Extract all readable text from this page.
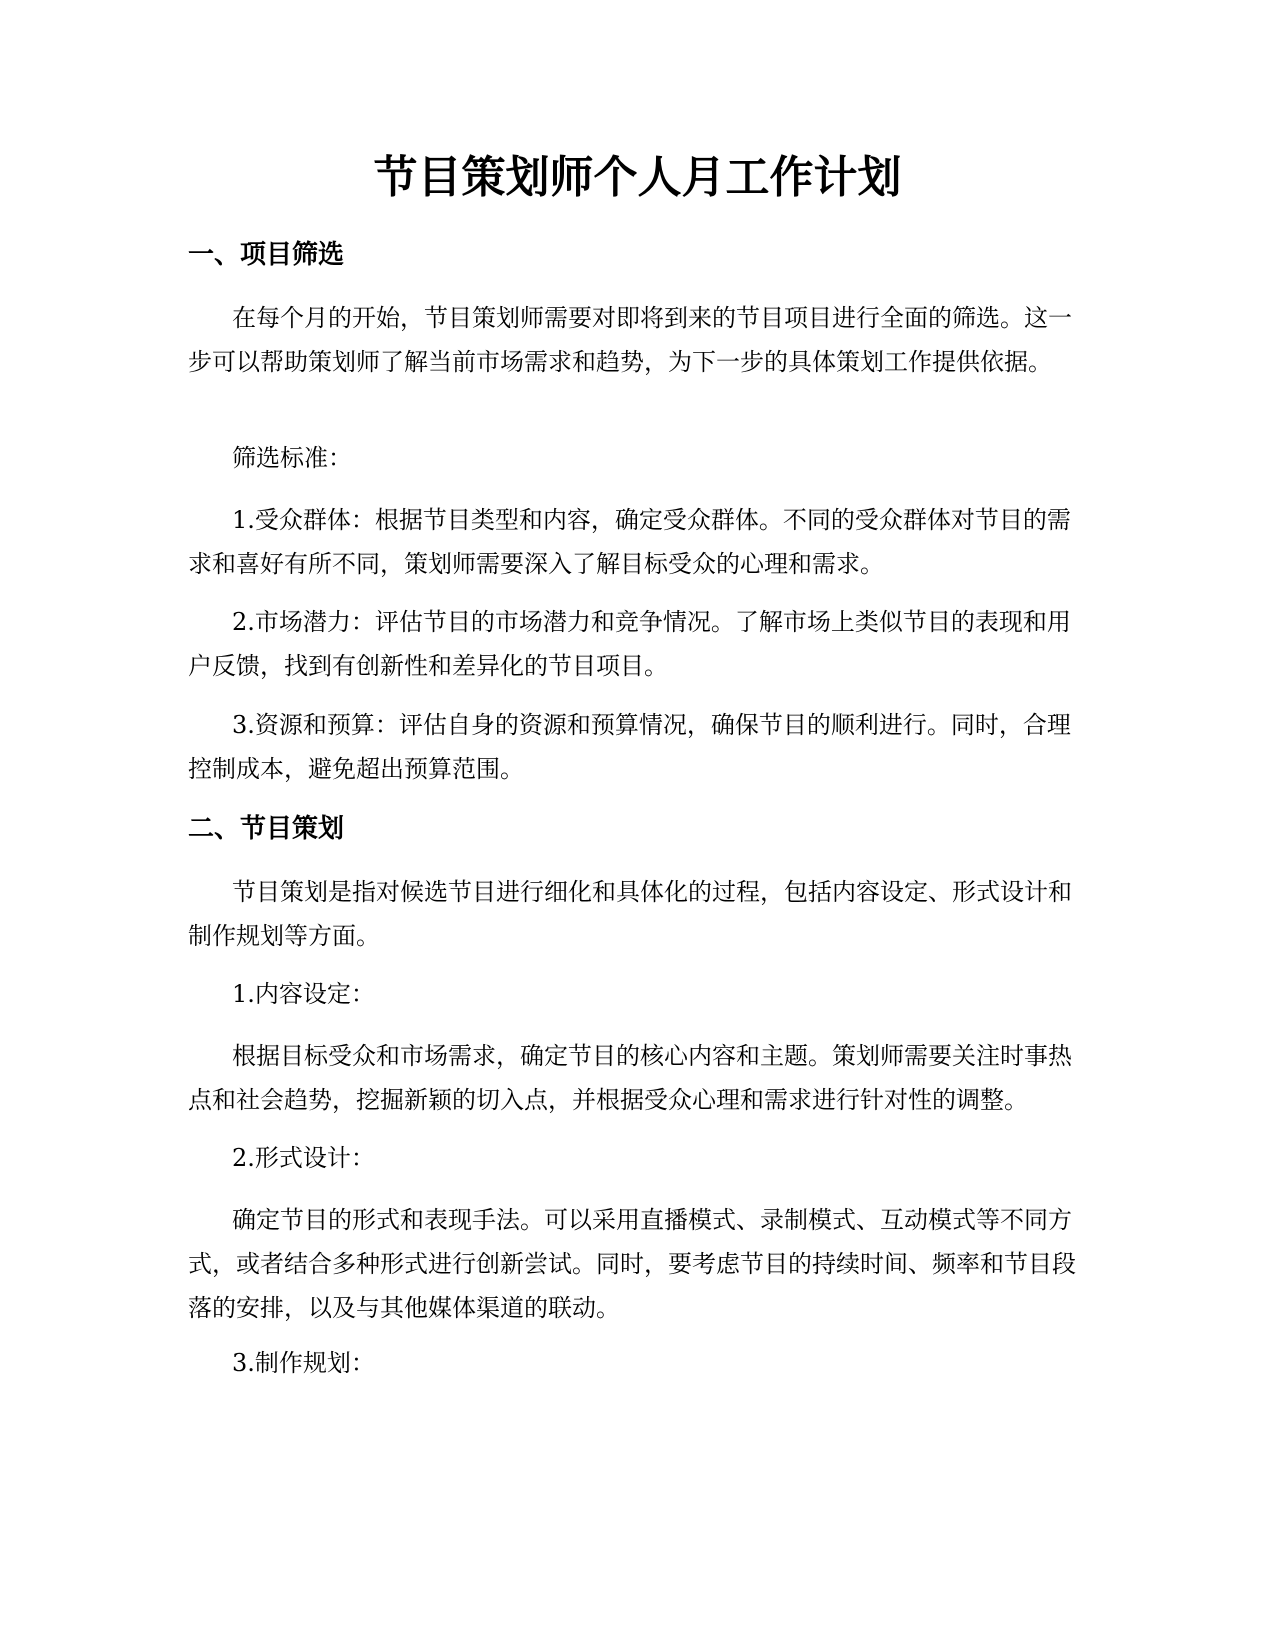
节目策划师个人月工作计划
一、项目筛选

在每个月的开始，节目策划师需要对即将到来的节目项目进行全面的筛选。这一步可以帮助策划师了解当前市场需求和趋势，为下一步的具体策划工作提供依据。

筛选标准：

1.受众群体：根据节目类型和内容，确定受众群体。不同的受众群体对节目的需求和喜好有所不同，策划师需要深入了解目标受众的心理和需求。

2.市场潜力：评估节目的市场潜力和竞争情况。了解市场上类似节目的表现和用户反馈，找到有创新性和差异化的节目项目。

3.资源和预算：评估自身的资源和预算情况，确保节目的顺利进行。同时，合理控制成本，避免超出预算范围。

二、节目策划

节目策划是指对候选节目进行细化和具体化的过程，包括内容设定、形式设计和制作规划等方面。

1.内容设定：

根据目标受众和市场需求，确定节目的核心内容和主题。策划师需要关注时事热点和社会趋势，挖掘新颖的切入点，并根据受众心理和需求进行针对性的调整。

2.形式设计：

确定节目的形式和表现手法。可以采用直播模式、录制模式、互动模式等不同方式，或者结合多种形式进行创新尝试。同时，要考虑节目的持续时间、频率和节目段落的安排，以及与其他媒体渠道的联动。

3.制作规划：
